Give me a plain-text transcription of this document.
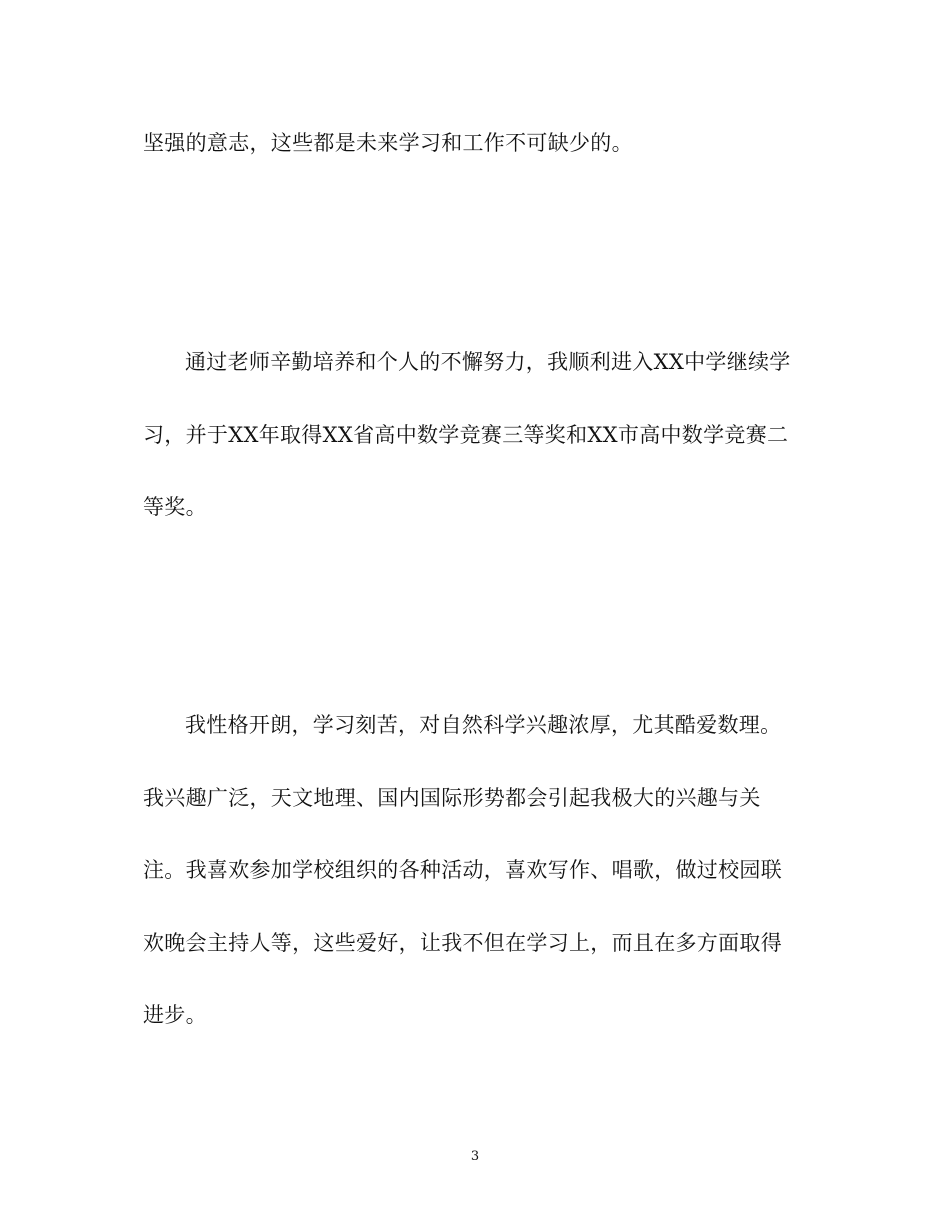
坚强的意志，这些都是未来学习和工作不可缺少的。
通过老师辛勤培养和个人的不懈努力，我顺利进入XX中学继续学
习，并于XX年取得XX省高中数学竞赛三等奖和XX市高中数学竞赛二
等奖。
我性格开朗，学习刻苦，对自然科学兴趣浓厚，尤其酷爱数理。
我兴趣广泛，天文地理、国内国际形势都会引起我极大的兴趣与关
注。我喜欢参加学校组织的各种活动，喜欢写作、唱歌，做过校园联
欢晚会主持人等，这些爱好，让我不但在学习上，而且在多方面取得
进步。
3
